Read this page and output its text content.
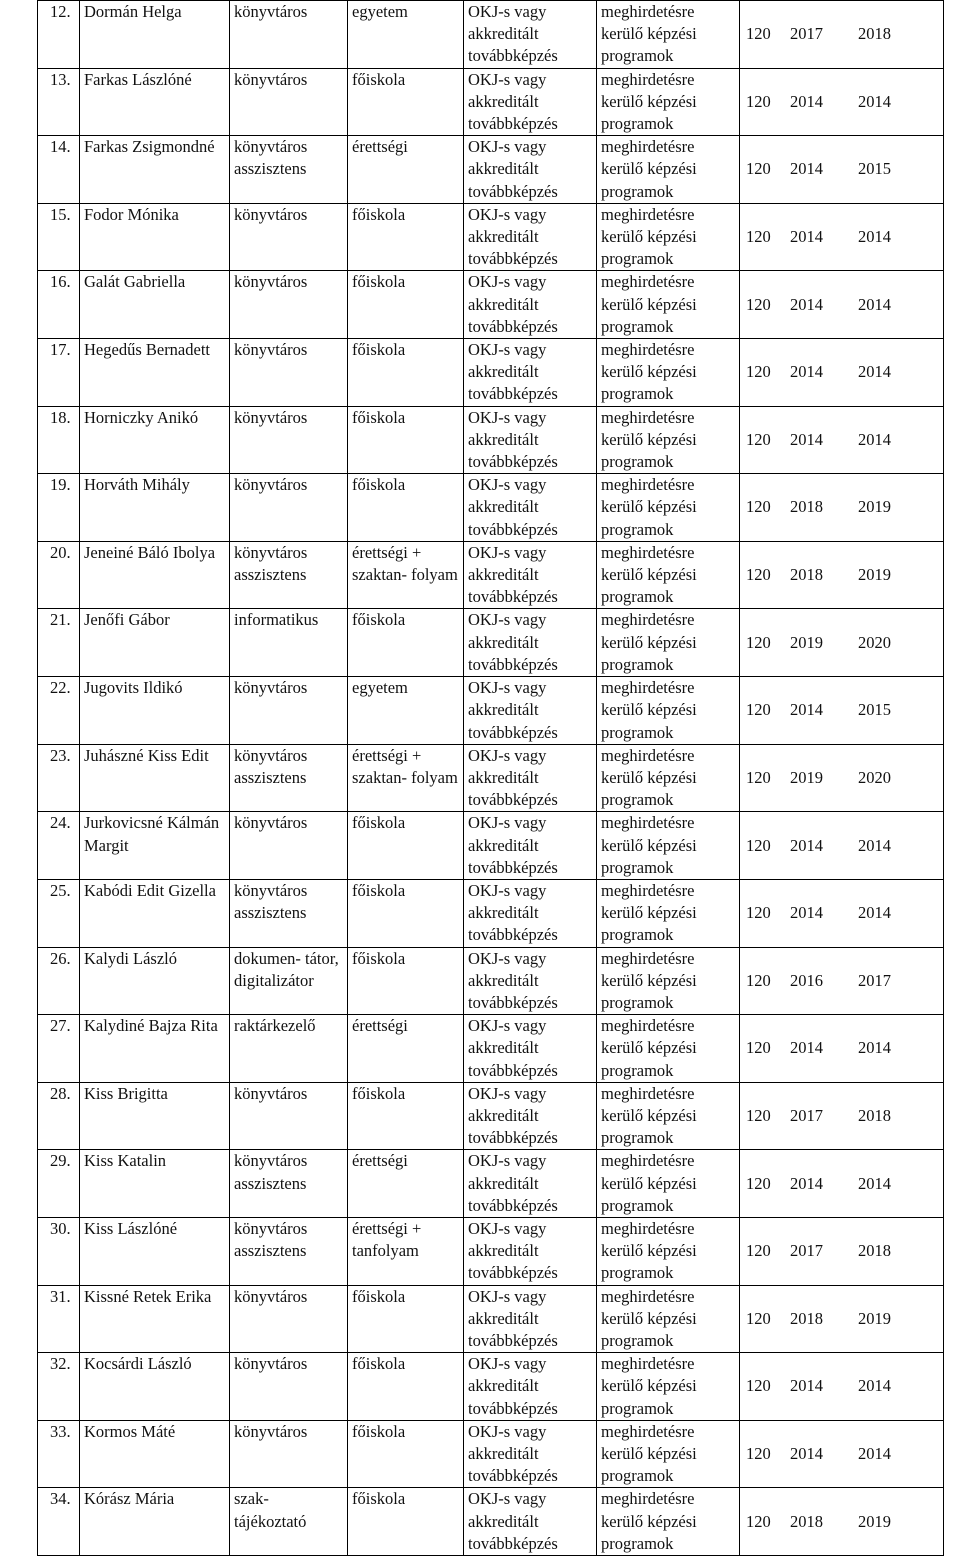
12.	Dormán Helga	könyvtáros	egyetem	OKJ-s vagy akkreditált továbbképzés	meghirdetésre kerülő képzési programok	120 2017 2018
13.	Farkas Lászlóné	könyvtáros	főiskola	OKJ-s vagy akkreditált továbbképzés	meghirdetésre kerülő képzési programok	120 2014 2014
14.	Farkas Zsigmondné	könyvtáros asszisztens	érettségi	OKJ-s vagy akkreditált továbbképzés	meghirdetésre kerülő képzési programok	120 2014 2015
15.	Fodor Mónika	könyvtáros	főiskola	OKJ-s vagy akkreditált továbbképzés	meghirdetésre kerülő képzési programok	120 2014 2014
16.	Galát Gabriella	könyvtáros	főiskola	OKJ-s vagy akkreditált továbbképzés	meghirdetésre kerülő képzési programok	120 2014 2014
17.	Hegedűs Bernadett	könyvtáros	főiskola	OKJ-s vagy akkreditált továbbképzés	meghirdetésre kerülő képzési programok	120 2014 2014
18.	Horniczky Anikó	könyvtáros	főiskola	OKJ-s vagy akkreditált továbbképzés	meghirdetésre kerülő képzési programok	120 2014 2014
19.	Horváth Mihály	könyvtáros	főiskola	OKJ-s vagy akkreditált továbbképzés	meghirdetésre kerülő képzési programok	120 2018 2019
20.	Jeneiné Báló Ibolya	könyvtáros asszisztens	érettségi + szaktan- folyam	OKJ-s vagy akkreditált továbbképzés	meghirdetésre kerülő képzési programok	120 2018 2019
21.	Jenőfi Gábor	informatikus	főiskola	OKJ-s vagy akkreditált továbbképzés	meghirdetésre kerülő képzési programok	120 2019 2020
22.	Jugovits Ildikó	könyvtáros	egyetem	OKJ-s vagy akkreditált továbbképzés	meghirdetésre kerülő képzési programok	120 2014 2015
23.	Juhászné Kiss Edit	könyvtáros asszisztens	érettségi + szaktan- folyam	OKJ-s vagy akkreditált továbbképzés	meghirdetésre kerülő képzési programok	120 2019 2020
24.	Jurkovicsné Kálmán Margit	könyvtáros	főiskola	OKJ-s vagy akkreditált továbbképzés	meghirdetésre kerülő képzési programok	120 2014 2014
25.	Kabódi Edit Gizella	könyvtáros asszisztens	főiskola	OKJ-s vagy akkreditált továbbképzés	meghirdetésre kerülő képzési programok	120 2014 2014
26.	Kalydi László	dokumen- tátor, digitalizátor	főiskola	OKJ-s vagy akkreditált továbbképzés	meghirdetésre kerülő képzési programok	120 2016 2017
27.	Kalydiné Bajza Rita	raktárkezelő	érettségi	OKJ-s vagy akkreditált továbbképzés	meghirdetésre kerülő képzési programok	120 2014 2014
28.	Kiss Brigitta	könyvtáros	főiskola	OKJ-s vagy akkreditált továbbképzés	meghirdetésre kerülő képzési programok	120 2017 2018
29.	Kiss Katalin	könyvtáros asszisztens	érettségi	OKJ-s vagy akkreditált továbbképzés	meghirdetésre kerülő képzési programok	120 2014 2014
30.	Kiss Lászlóné	könyvtáros asszisztens	érettségi + tanfolyam	OKJ-s vagy akkreditált továbbképzés	meghirdetésre kerülő képzési programok	120 2017 2018
31.	Kissné Retek Erika	könyvtáros	főiskola	OKJ-s vagy akkreditált továbbképzés	meghirdetésre kerülő képzési programok	120 2018 2019
32.	Kocsárdi László	könyvtáros	főiskola	OKJ-s vagy akkreditált továbbképzés	meghirdetésre kerülő képzési programok	120 2014 2014
33.	Kormos Máté	könyvtáros	főiskola	OKJ-s vagy akkreditált továbbképzés	meghirdetésre kerülő képzési programok	120 2014 2014
34.	Kórász Mária	szak- tájékoztató	főiskola	OKJ-s vagy akkreditált továbbképzés	meghirdetésre kerülő képzési programok	120 2018 2019
